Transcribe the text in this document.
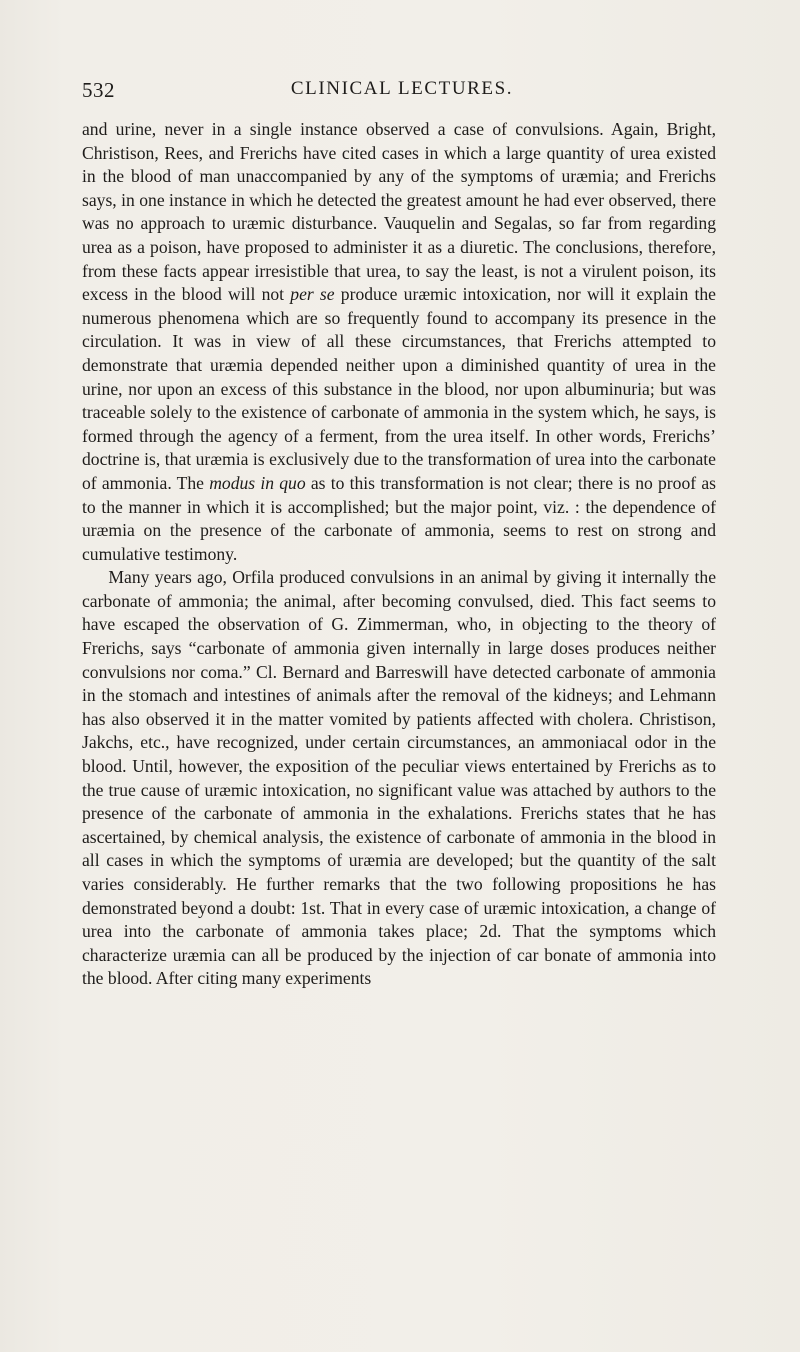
532	CLINICAL LECTURES.

and urine, never in a single instance observed a case of convulsions. Again, Bright, Christison, Rees, and Frerichs have cited cases in which a large quantity of urea existed in the blood of man unaccompanied by any of the symptoms of uræmia; and Frerichs says, in one instance in which he detected the greatest amount he had ever observed, there was no approach to uræmic disturbance. Vauquelin and Segalas, so far from regarding urea as a poison, have proposed to administer it as a diuretic. The conclusions, therefore, from these facts appear irresistible that urea, to say the least, is not a virulent poison, its excess in the blood will not per se produce uræmic intoxication, nor will it explain the numerous phenomena which are so frequently found to accompany its presence in the circulation. It was in view of all these circumstances, that Frerichs attempted to demonstrate that uræmia depended neither upon a diminished quantity of urea in the urine, nor upon an excess of this substance in the blood, nor upon albuminuria; but was traceable solely to the existence of carbonate of ammonia in the system which, he says, is formed through the agency of a ferment, from the urea itself. In other words, Frerichs’ doctrine is, that uræmia is exclusively due to the transformation of urea into the carbonate of ammonia. The modus in quo as to this transformation is not clear; there is no proof as to the manner in which it is accomplished; but the major point, viz. : the dependence of uræmia on the presence of the carbonate of ammonia, seems to rest on strong and cumulative testimony.

Many years ago, Orfila produced convulsions in an animal by giving it internally the carbonate of ammonia; the animal, after becoming convulsed, died. This fact seems to have escaped the observation of G. Zimmerman, who, in objecting to the theory of Frerichs, says “carbonate of ammonia given internally in large doses produces neither convulsions nor coma.” Cl. Bernard and Barreswill have detected carbonate of ammonia in the stomach and intestines of animals after the removal of the kidneys; and Lehmann has also observed it in the matter vomited by patients affected with cholera. Christison, Jakchs, etc., have recognized, under certain circumstances, an ammoniacal odor in the blood. Until, however, the exposition of the peculiar views entertained by Frerichs as to the true cause of uræmic intoxication, no significant value was attached by authors to the presence of the carbonate of ammonia in the exhalations. Frerichs states that he has ascertained, by chemical analysis, the existence of carbonate of ammonia in the blood in all cases in which the symptoms of uræmia are developed; but the quantity of the salt varies considerably. He further remarks that the two following propositions he has demonstrated beyond a doubt: 1st. That in every case of uræmic intoxication, a change of urea into the carbonate of ammonia takes place; 2d. That the symptoms which characterize uræmia can all be produced by the injection of car bonate of ammonia into the blood. After citing many experiments
